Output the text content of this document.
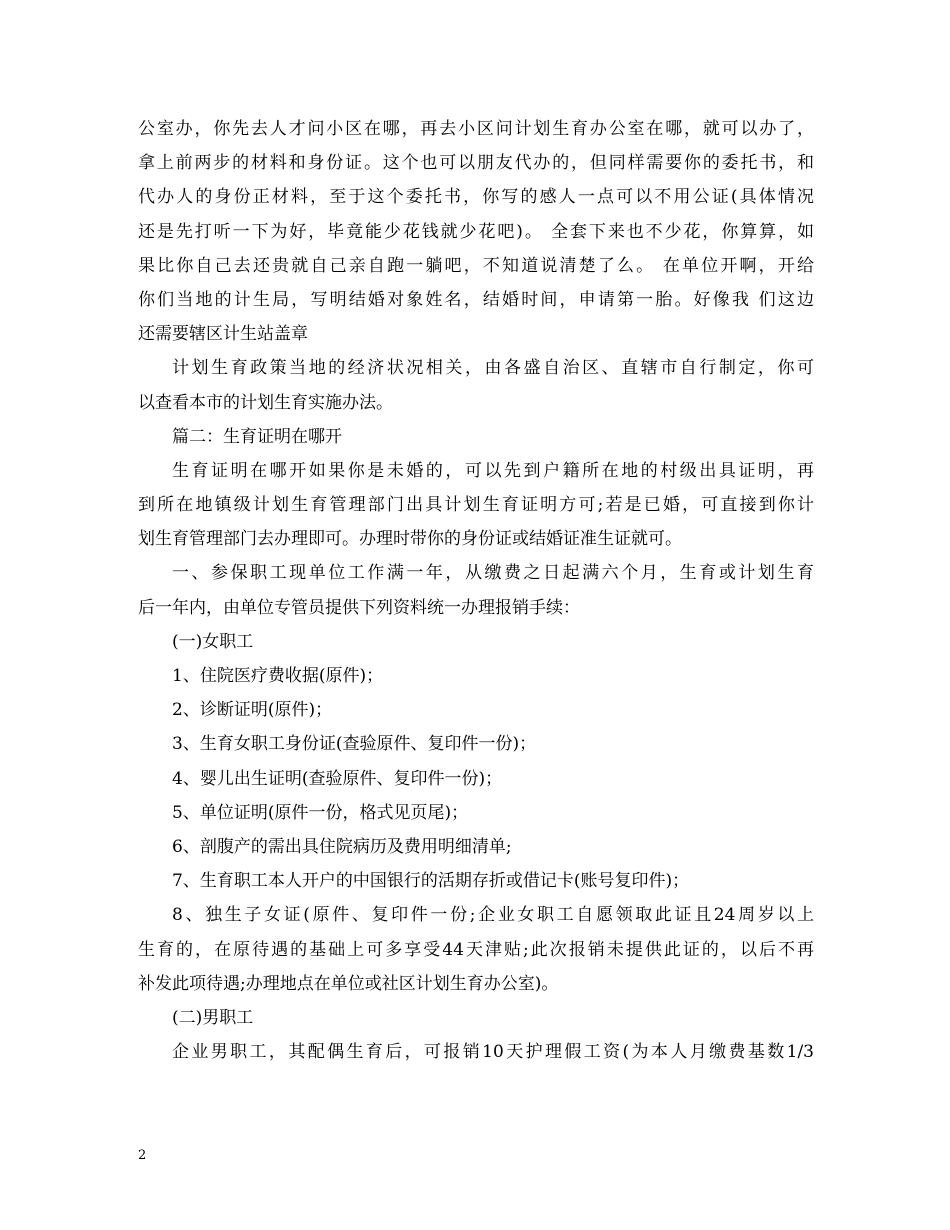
公室办，你先去人才问小区在哪，再去小区问计划生育办公室在哪，就可以办了，
拿上前两步的材料和身份证。这个也可以朋友代办的，但同样需要你的委托书，和
代办人的身份正材料，至于这个委托书，你写的感人一点可以不用公证(具体情况
还是先打听一下为好，毕竟能少花钱就少花吧)。 全套下来也不少花，你算算，如
果比你自己去还贵就自己亲自跑一躺吧，不知道说清楚了么。 在单位开啊，开给
你们当地的计生局，写明结婚对象姓名，结婚时间，申请第一胎。好像我 们这边
还需要辖区计生站盖章
计划生育政策当地的经济状况相关，由各盛自治区、直辖市自行制定，你可
以查看本市的计划生育实施办法。
篇二：生育证明在哪开
生育证明在哪开如果你是未婚的，可以先到户籍所在地的村级出具证明，再
到所在地镇级计划生育管理部门出具计划生育证明方可;若是已婚，可直接到你计
划生育管理部门去办理即可。办理时带你的身份证或结婚证准生证就可。
一、参保职工现单位工作满一年，从缴费之日起满六个月，生育或计划生育
后一年内，由单位专管员提供下列资料统一办理报销手续：
(一)女职工
1、住院医疗费收据(原件)；
2、诊断证明(原件)；
3、生育女职工身份证(查验原件、复印件一份)；
4、婴儿出生证明(查验原件、复印件一份)；
5、单位证明(原件一份，格式见页尾)；
6、剖腹产的需出具住院病历及费用明细清单;
7、生育职工本人开户的中国银行的活期存折或借记卡(账号复印件)；
8、独生子女证(原件、复印件一份;企业女职工自愿领取此证且24周岁以上
生育的，在原待遇的基础上可多享受44天津贴;此次报销未提供此证的，以后不再
补发此项待遇;办理地点在单位或社区计划生育办公室)。
(二)男职工
企业男职工，其配偶生育后，可报销10天护理假工资(为本人月缴费基数1/3
2
